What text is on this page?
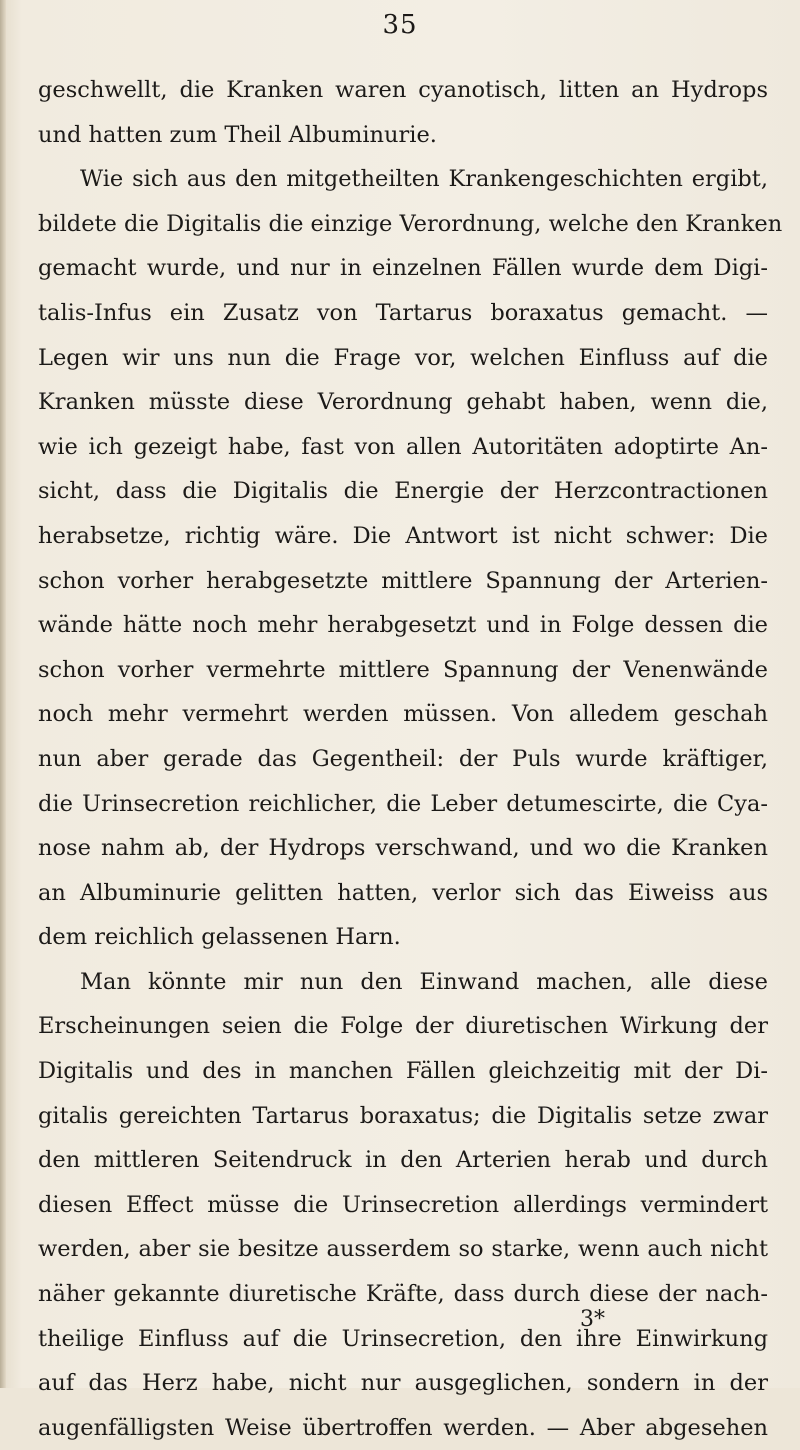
35
geschwellt, die Kranken waren cyanotisch, litten an Hydrops
und hatten zum Theil Albuminurie.
Wie sich aus den mitgetheilten Krankengeschichten ergibt,
bildete die Digitalis die einzige Verordnung, welche den Kranken
gemacht wurde, und nur in einzelnen Fällen wurde dem Digi-
talis-Infus ein Zusatz von Tartarus boraxatus gemacht. —
Legen wir uns nun die Frage vor, welchen Einfluss auf die
Kranken müsste diese Verordnung gehabt haben, wenn die,
wie ich gezeigt habe, fast von allen Autoritäten adoptirte An-
sicht, dass die Digitalis die Energie der Herzcontractionen
herabsetze, richtig wäre. Die Antwort ist nicht schwer: Die
schon vorher herabgesetzte mittlere Spannung der Arterien-
wände hätte noch mehr herabgesetzt und in Folge dessen die
schon vorher vermehrte mittlere Spannung der Venenwände
noch mehr vermehrt werden müssen. Von alledem geschah
nun aber gerade das Gegentheil: der Puls wurde kräftiger,
die Urinsecretion reichlicher, die Leber detumescirte, die Cya-
nose nahm ab, der Hydrops verschwand, und wo die Kranken
an Albuminurie gelitten hatten, verlor sich das Eiweiss aus
dem reichlich gelassenen Harn.
Man könnte mir nun den Einwand machen, alle diese
Erscheinungen seien die Folge der diuretischen Wirkung der
Digitalis und des in manchen Fällen gleichzeitig mit der Di-
gitalis gereichten Tartarus boraxatus; die Digitalis setze zwar
den mittleren Seitendruck in den Arterien herab und durch
diesen Effect müsse die Urinsecretion allerdings vermindert
werden, aber sie besitze ausserdem so starke, wenn auch nicht
näher gekannte diuretische Kräfte, dass durch diese der nach-
theilige Einfluss auf die Urinsecretion, den ihre Einwirkung
auf das Herz habe, nicht nur ausgeglichen, sondern in der
augenfälligsten Weise übertroffen werden. — Aber abgesehen
3*
